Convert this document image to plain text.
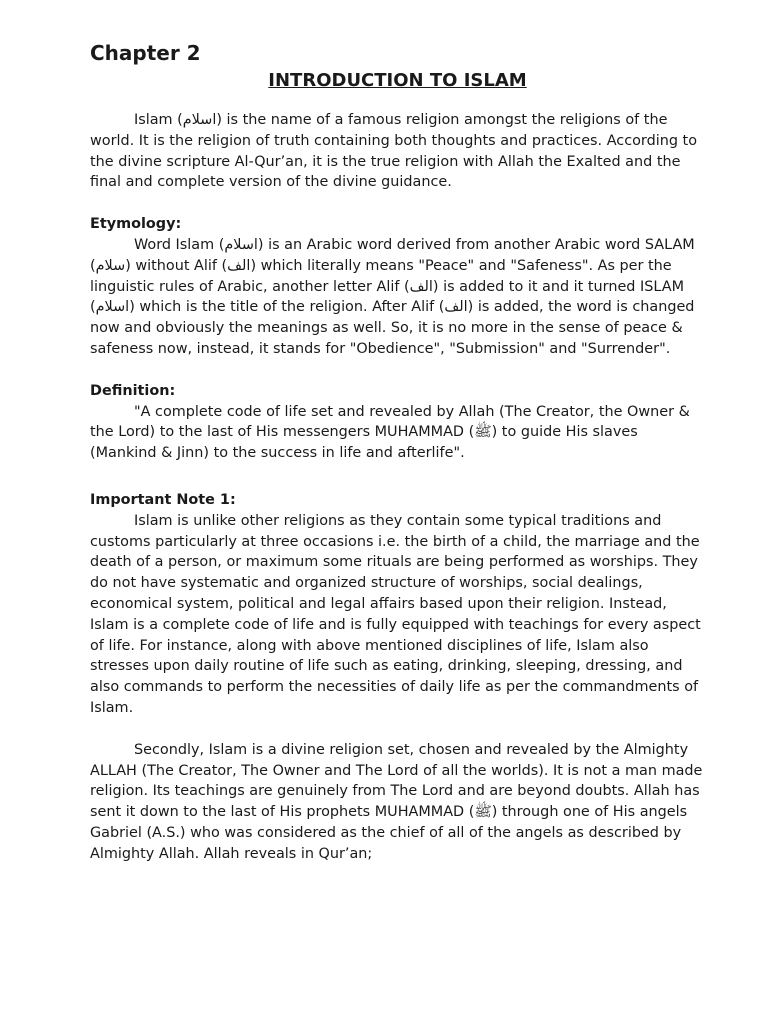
Chapter 2
INTRODUCTION TO ISLAM

Islam (اسلام) is the name of a famous religion amongst the religions of the world. It is the religion of truth containing both thoughts and practices. According to the divine scripture Al-Qur’an, it is the true religion with Allah the Exalted and the final and complete version of the divine guidance.

Etymology:

Word Islam (اسلام) is an Arabic word derived from another Arabic word SALAM (سلام) without Alif (الف) which literally means "Peace" and "Safeness". As per the linguistic rules of Arabic, another letter Alif (الف) is added to it and it turned ISLAM (اسلام) which is the title of the religion. After Alif (الف) is added, the word is changed now and obviously the meanings as well. So, it is no more in the sense of peace & safeness now, instead, it stands for "Obedience", "Submission" and "Surrender".

Definition:

"A complete code of life set and revealed by Allah (The Creator, the Owner & the Lord) to the last of His messengers MUHAMMAD (ﷺ) to guide His slaves (Mankind & Jinn) to the success in life and afterlife".

Important Note 1:

Islam is unlike other religions as they contain some typical traditions and customs particularly at three occasions i.e. the birth of a child, the marriage and the death of a person, or maximum some rituals are being performed as worships. They do not have systematic and organized structure of worships, social dealings, economical system, political and legal affairs based upon their religion. Instead, Islam is a complete code of life and is fully equipped with teachings for every aspect of life. For instance, along with above mentioned disciplines of life, Islam also stresses upon daily routine of life such as eating, drinking, sleeping, dressing, and also commands to perform the necessities of daily life as per the commandments of Islam.

Secondly, Islam is a divine religion set, chosen and revealed by the Almighty ALLAH (The Creator, The Owner and The Lord of all the worlds). It is not a man made religion. Its teachings are genuinely from The Lord and are beyond doubts. Allah has sent it down to the last of His prophets MUHAMMAD (ﷺ) through one of His angels Gabriel (A.S.) who was considered as the chief of all of the angels as described by Almighty Allah. Allah reveals in Qur’an;
